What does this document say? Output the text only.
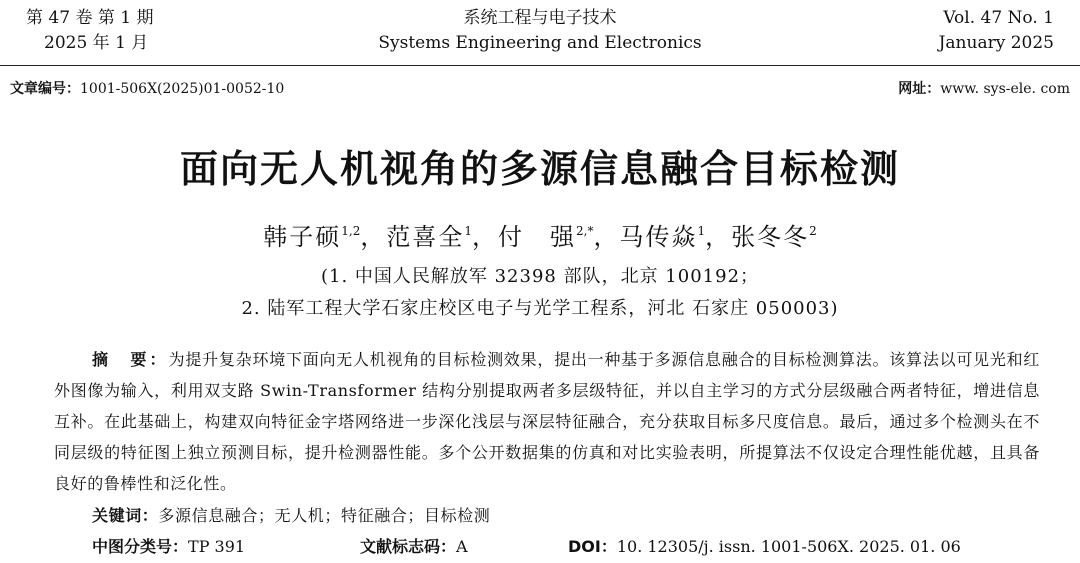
第 47 卷 第 1 期
2025 年 1 月
系统工程与电子技术
Systems Engineering and Electronics
Vol. 47 No. 1
January 2025
文章编号：1001-506X(2025)01-0052-10	网址：www. sys-ele. com
面向无人机视角的多源信息融合目标检测
韩子硕$^{1,2}$，范喜全$^1$，付　强$^{2,*}$，马传焱$^1$，张冬冬$^2$
(1. 中国人民解放军 32398 部队，北京 100192；
2. 陆军工程大学石家庄校区电子与光学工程系，河北 石家庄 050003)
摘　要：为提升复杂环境下面向无人机视角的目标检测效果，提出一种基于多源信息融合的目标检测算法。该算法以可见光和红外图像为输入，利用双支路 Swin-Transformer 结构分别提取两者多层级特征，并以自主学习的方式分层级融合两者特征，增进信息互补。在此基础上，构建双向特征金字塔网络进一步深化浅层与深层特征融合，充分获取目标多尺度信息。最后，通过多个检测头在不同层级的特征图上独立预测目标，提升检测器性能。多个公开数据集的仿真和对比实验表明，所提算法不仅设定合理性能优越，且具备良好的鲁棒性和泛化性。
关键词：多源信息融合；无人机；特征融合；目标检测
中图分类号：TP 391	文献标志码：A	DOI：10. 12305/j. issn. 1001-506X. 2025. 01. 06
